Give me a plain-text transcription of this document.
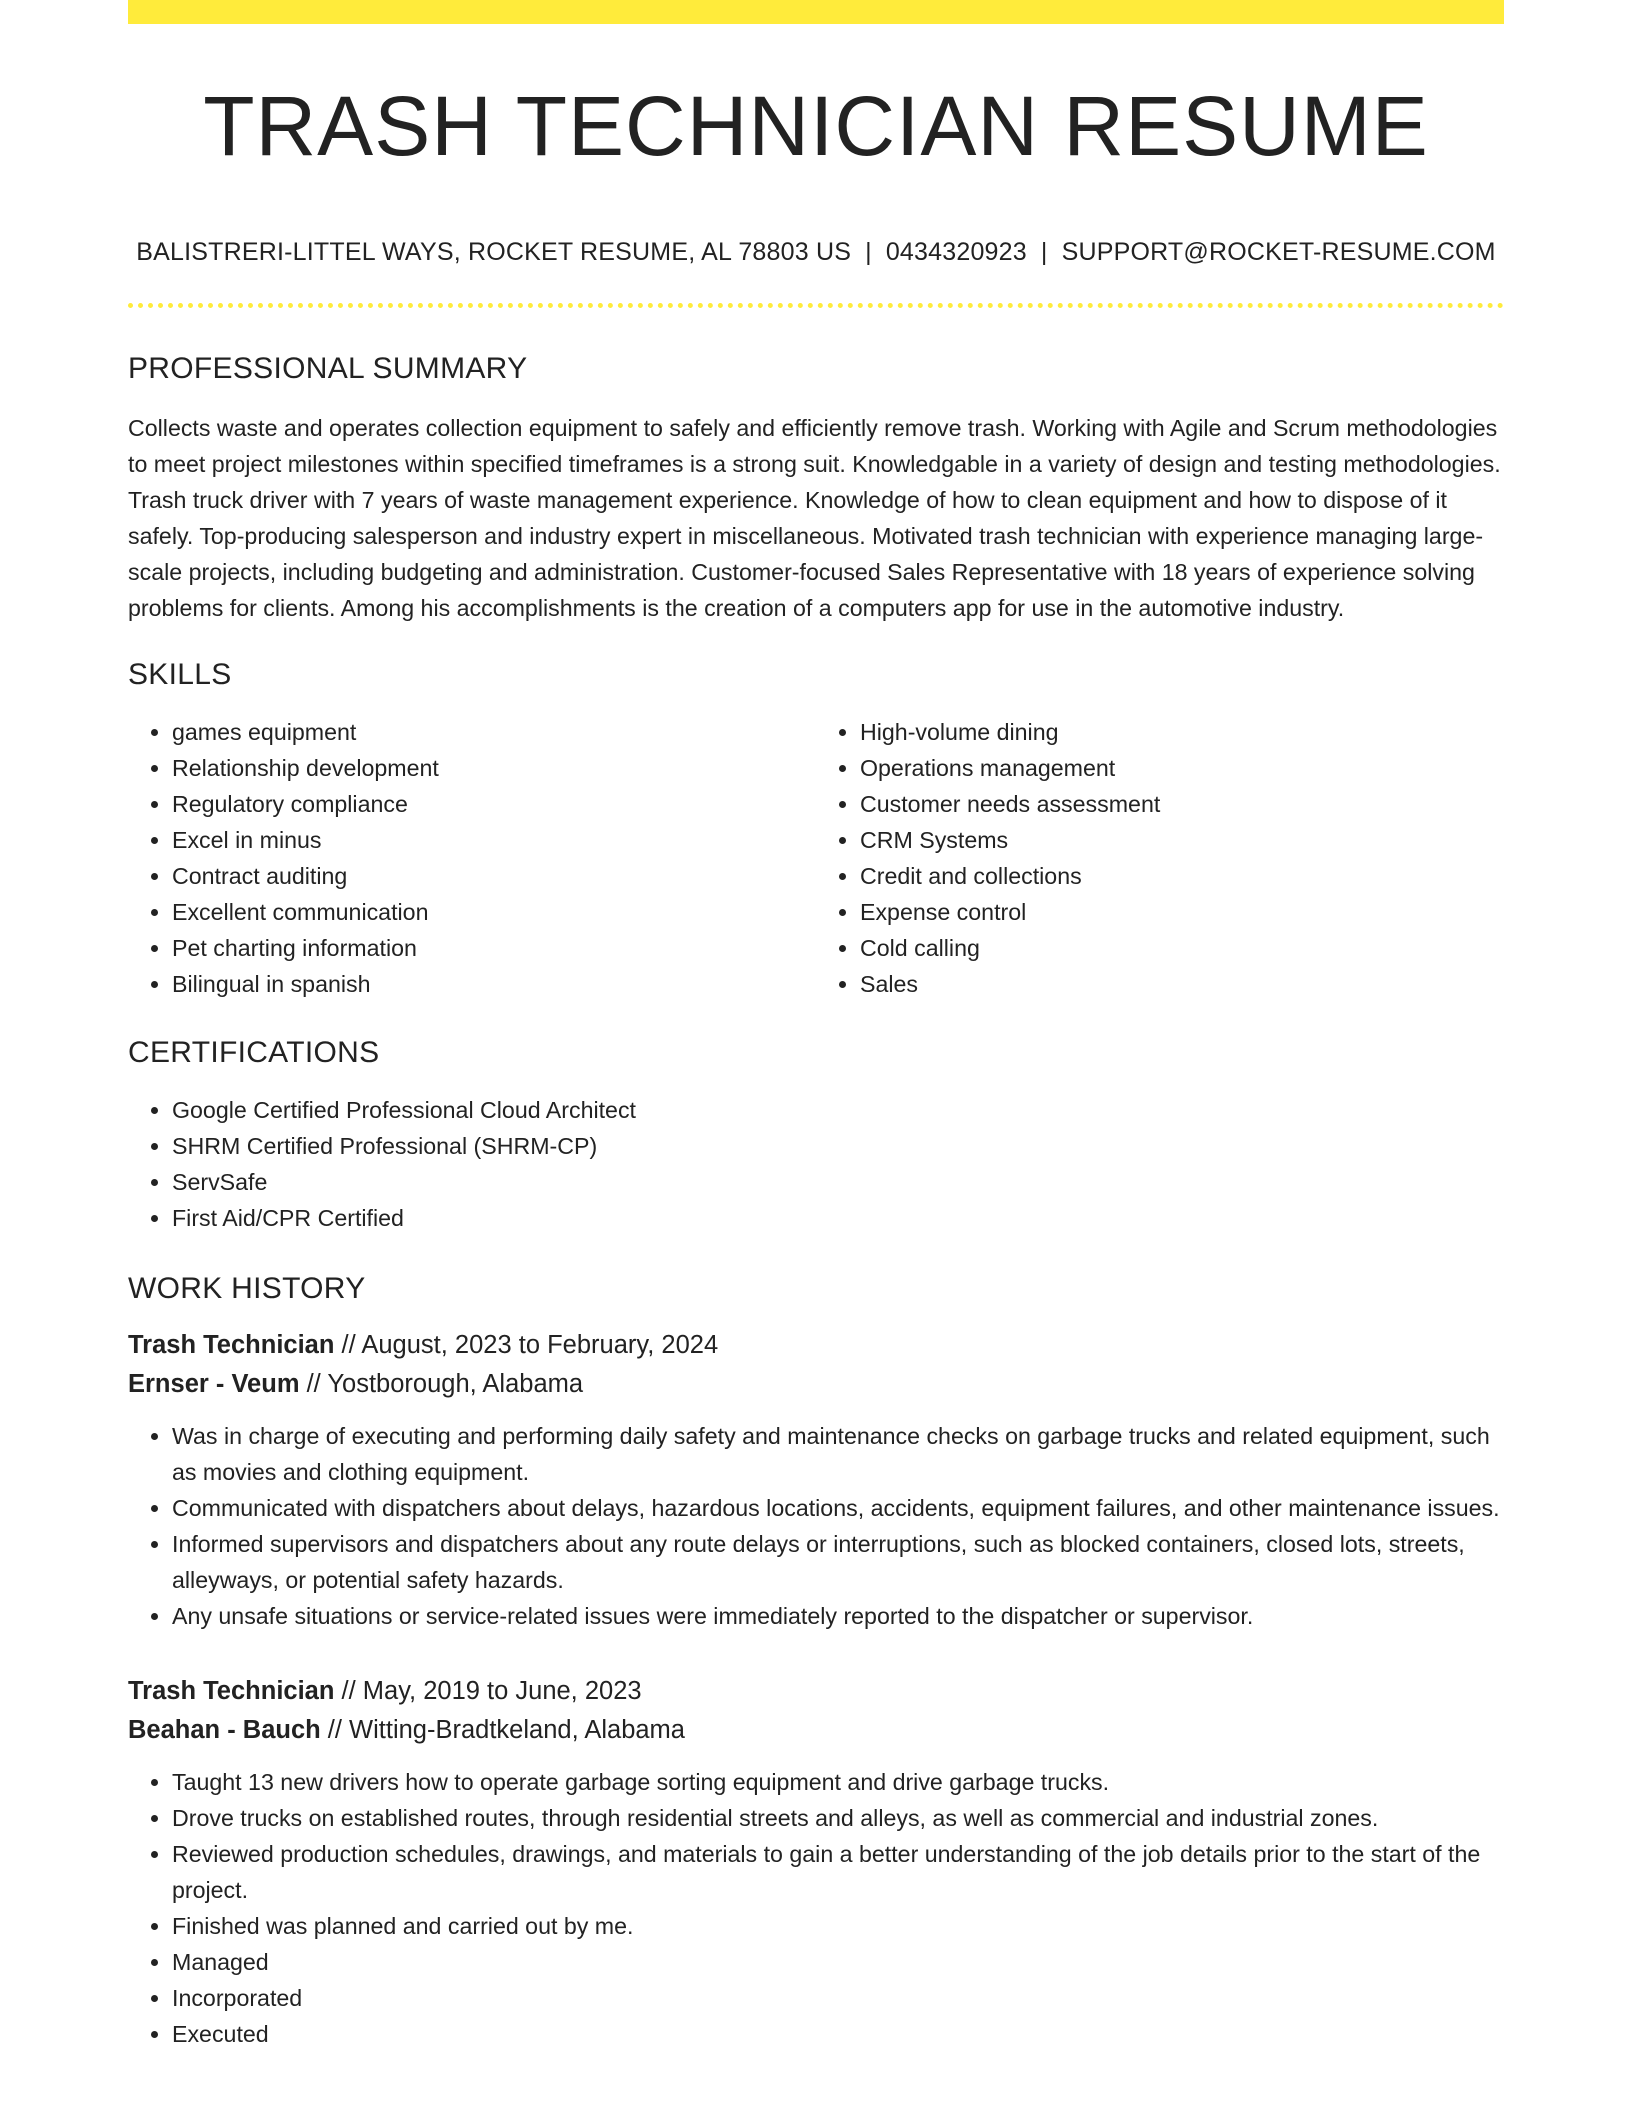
TRASH TECHNICIAN RESUME
BALISTRERI-LITTEL WAYS, ROCKET RESUME, AL 78803 US | 0434320923 | SUPPORT@ROCKET-RESUME.COM
PROFESSIONAL SUMMARY
Collects waste and operates collection equipment to safely and efficiently remove trash. Working with Agile and Scrum methodologies to meet project milestones within specified timeframes is a strong suit. Knowledgable in a variety of design and testing methodologies. Trash truck driver with 7 years of waste management experience. Knowledge of how to clean equipment and how to dispose of it safely. Top-producing salesperson and industry expert in miscellaneous. Motivated trash technician with experience managing large-scale projects, including budgeting and administration. Customer-focused Sales Representative with 18 years of experience solving problems for clients. Among his accomplishments is the creation of a computers app for use in the automotive industry.
SKILLS
• games equipment
• Relationship development
• Regulatory compliance
• Excel in minus
• Contract auditing
• Excellent communication
• Pet charting information
• Bilingual in spanish
• High-volume dining
• Operations management
• Customer needs assessment
• CRM Systems
• Credit and collections
• Expense control
• Cold calling
• Sales
CERTIFICATIONS
• Google Certified Professional Cloud Architect
• SHRM Certified Professional (SHRM-CP)
• ServSafe
• First Aid/CPR Certified
WORK HISTORY
Trash Technician // August, 2023 to February, 2024
Ernser - Veum // Yostborough, Alabama
• Was in charge of executing and performing daily safety and maintenance checks on garbage trucks and related equipment, such as movies and clothing equipment.
• Communicated with dispatchers about delays, hazardous locations, accidents, equipment failures, and other maintenance issues.
• Informed supervisors and dispatchers about any route delays or interruptions, such as blocked containers, closed lots, streets, alleyways, or potential safety hazards.
• Any unsafe situations or service-related issues were immediately reported to the dispatcher or supervisor.
Trash Technician // May, 2019 to June, 2023
Beahan - Bauch // Witting-Bradtkeland, Alabama
• Taught 13 new drivers how to operate garbage sorting equipment and drive garbage trucks.
• Drove trucks on established routes, through residential streets and alleys, as well as commercial and industrial zones.
• Reviewed production schedules, drawings, and materials to gain a better understanding of the job details prior to the start of the project.
• Finished was planned and carried out by me.
• Managed
• Incorporated
• Executed
